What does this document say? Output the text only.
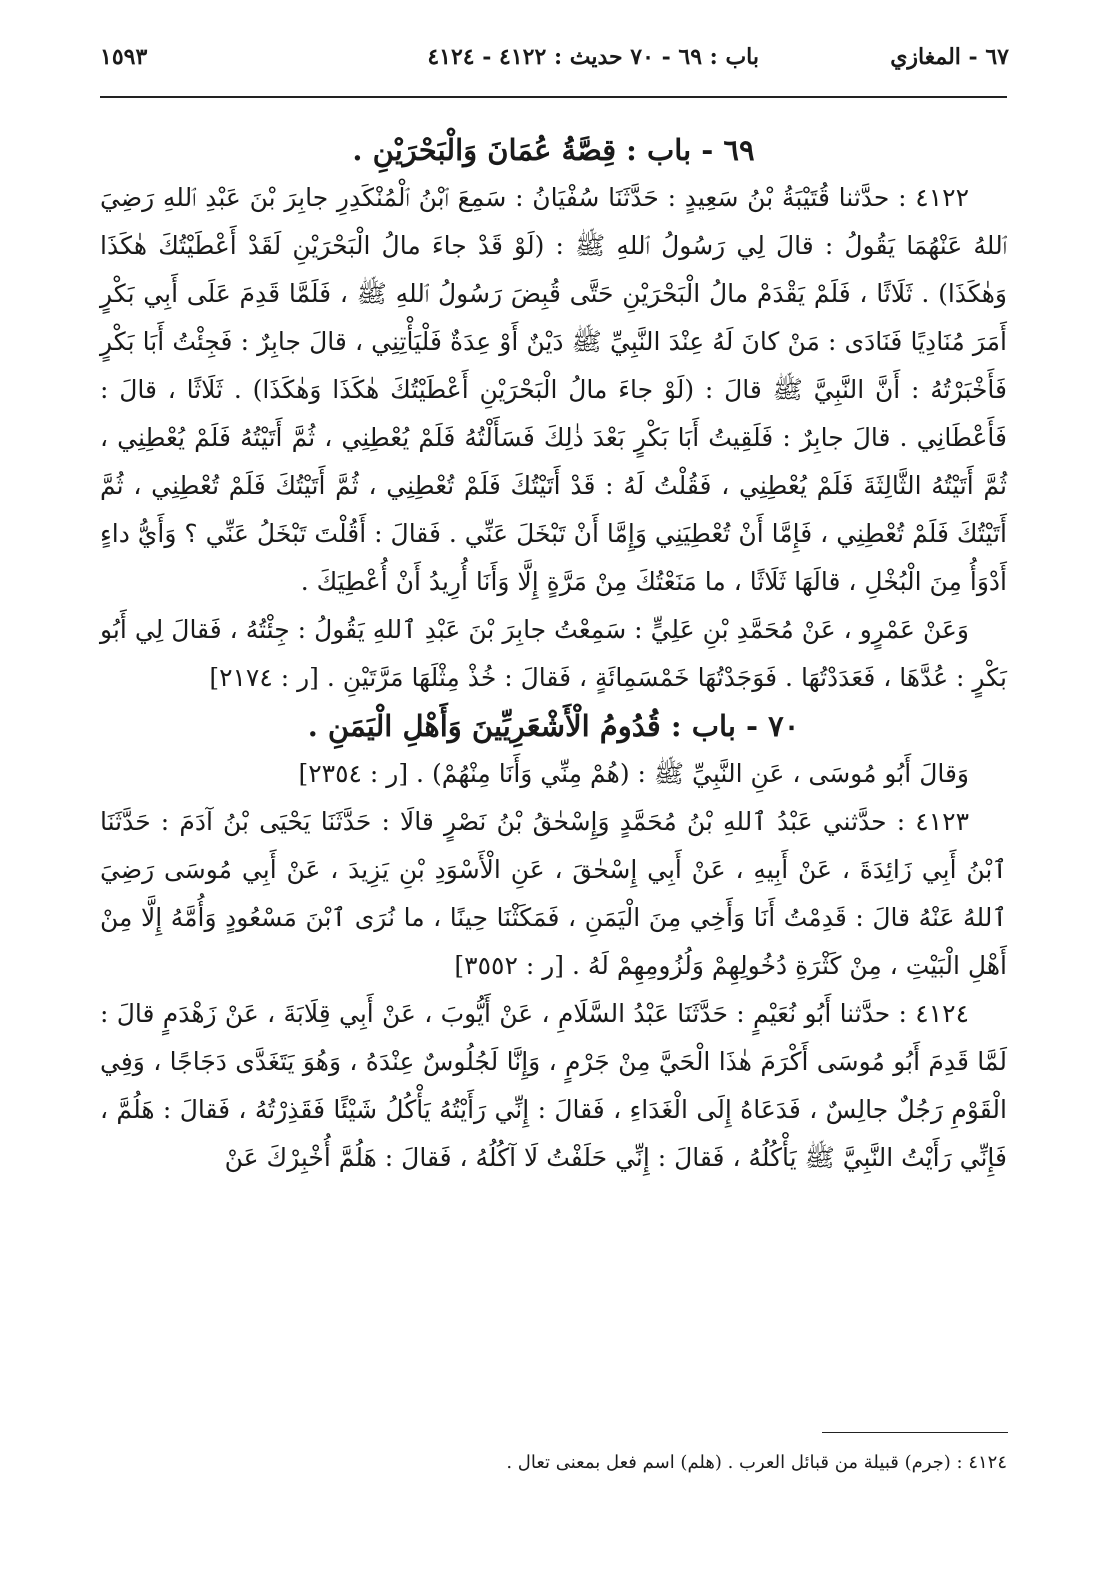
٦٧ - المغازي
باب : ٦٩ - ٧٠ حديث : ٤١٢٢ - ٤١٢٤
١٥٩٣
٦٩ - باب : قِصَّةُ عُمَانَ وَالْبَحْرَيْنِ .

٤١٢٢ : حدَّثنا قُتَيْبَةُ بْنُ سَعِيدٍ : حَدَّثَنَا سُفْيَانُ : سَمِعَ ٱبْنُ ٱلْمُنْكَدِرِ جابِرَ بْنَ عَبْدِ ٱللهِ رَضِيَ ٱللهُ عَنْهُمَا يَقُولُ : قالَ لِي رَسُولُ ٱللهِ ﷺ : (لَوْ قَدْ جاءَ مالُ الْبَحْرَيْنِ لَقَدْ أَعْطَيْتُكَ هٰكَذَا وَهٰكَذَا) . ثَلَاثًا ، فَلَمْ يَقْدَمْ مالُ الْبَحْرَيْنِ حَتَّى قُبِضَ رَسُولُ ٱللهِ ﷺ ، فَلَمَّا قَدِمَ عَلَى أَبِي بَكْرٍ أَمَرَ مُنَادِيًا فَنَادَى : مَنْ كانَ لَهُ عِنْدَ النَّبِيِّ ﷺ دَيْنٌ أَوْ عِدَةٌ فَلْيَأْتِنِي ، قالَ جابِرٌ : فَجِئْتُ أَبَا بَكْرٍ فَأَخْبَرْتُهُ : أَنَّ النَّبِيَّ ﷺ قالَ : (لَوْ جاءَ مالُ الْبَحْرَيْنِ أَعْطَيْتُكَ هٰكَذَا وَهٰكَذَا) . ثَلَاثًا ، قالَ : فَأَعْطَانِي . قالَ جابِرٌ : فَلَقِيتُ أَبَا بَكْرٍ بَعْدَ ذٰلِكَ فَسَأَلْتُهُ فَلَمْ يُعْطِنِي ، ثُمَّ أَتَيْتُهُ فَلَمْ يُعْطِنِي ، ثُمَّ أَتَيْتُهُ الثَّالِثَةَ فَلَمْ يُعْطِنِي ، فَقُلْتُ لَهُ : قَدْ أَتَيْتُكَ فَلَمْ تُعْطِنِي ، ثُمَّ أَتَيْتُكَ فَلَمْ تُعْطِنِي ، ثُمَّ أَتَيْتُكَ فَلَمْ تُعْطِنِي ، فَإِمَّا أَنْ تُعْطِيَنِي وَإِمَّا أَنْ تَبْخَلَ عَنِّي . فَقالَ : أَقُلْتَ تَبْخَلُ عَنِّي ؟ وَأَيُّ داءٍ أَدْوَأُ مِنَ الْبُخْلِ ، قالَهَا ثَلَاثًا ، ما مَنَعْتُكَ مِنْ مَرَّةٍ إِلَّا وَأَنَا أُرِيدُ أَنْ أُعْطِيَكَ .

وَعَنْ عَمْرٍو ، عَنْ مُحَمَّدِ بْنِ عَلِيٍّ : سَمِعْتُ جابِرَ بْنَ عَبْدِ ٱللهِ يَقُولُ : جِئْتُهُ ، فَقالَ لِي أَبُو بَكْرٍ : عُدَّهَا ، فَعَدَدْتُهَا . فَوَجَدْتُهَا خَمْسَمِائَةٍ ، فَقالَ : خُذْ مِثْلَهَا مَرَّتَيْنِ . [ر : ٢١٧٤]

٧٠ - باب : قُدُومُ الْأَشْعَرِيِّينَ وَأَهْلِ الْيَمَنِ .

وَقالَ أَبُو مُوسَى ، عَنِ النَّبِيِّ ﷺ : (هُمْ مِنِّي وَأَنَا مِنْهُمْ) . [ر : ٢٣٥٤]

٤١٢٣ : حدَّثني عَبْدُ ٱللهِ بْنُ مُحَمَّدٍ وَإِسْحٰقُ بْنُ نَصْرٍ قالَا : حَدَّثَنَا يَحْيَى بْنُ آدَمَ : حَدَّثَنَا ٱبْنُ أَبِي زَائِدَةَ ، عَنْ أَبِيهِ ، عَنْ أَبِي إِسْحٰقَ ، عَنِ الْأَسْوَدِ بْنِ يَزِيدَ ، عَنْ أَبِي مُوسَى رَضِيَ ٱللهُ عَنْهُ قالَ : قَدِمْتُ أَنَا وَأَخِي مِنَ الْيَمَنِ ، فَمَكَثْنَا حِينًا ، ما نُرَى ٱبْنَ مَسْعُودٍ وَأُمَّهُ إِلَّا مِنْ أَهْلِ الْبَيْتِ ، مِنْ كَثْرَةِ دُخُولِهِمْ وَلُزُومِهِمْ لَهُ . [ر : ٣٥٥٢]

٤١٢٤ : حدَّثنا أَبُو نُعَيْمٍ : حَدَّثَنَا عَبْدُ السَّلَامِ ، عَنْ أَيُّوبَ ، عَنْ أَبِي قِلَابَةَ ، عَنْ زَهْدَمٍ قالَ : لَمَّا قَدِمَ أَبُو مُوسَى أَكْرَمَ هٰذَا الْحَيَّ مِنْ جَرْمٍ ، وَإِنَّا لَجُلُوسٌ عِنْدَهُ ، وَهُوَ يَتَغَدَّى دَجَاجًا ، وَفِي الْقَوْمِ رَجُلٌ جالِسٌ ، فَدَعَاهُ إِلَى الْغَدَاءِ ، فَقالَ : إِنِّي رَأَيْتُهُ يَأْكُلُ شَيْئًا فَقَذِرْتُهُ ، فَقالَ : هَلُمَّ ، فَإِنِّي رَأَيْتُ النَّبِيَّ ﷺ يَأْكُلُهُ ، فَقالَ : إِنِّي حَلَفْتُ لَا آكُلُهُ ، فَقالَ : هَلُمَّ أُخْبِرْكَ عَنْ

٤١٢٤ : (جرم) قبيلة من قبائل العرب . (هلم) اسم فعل بمعنى تعال .
